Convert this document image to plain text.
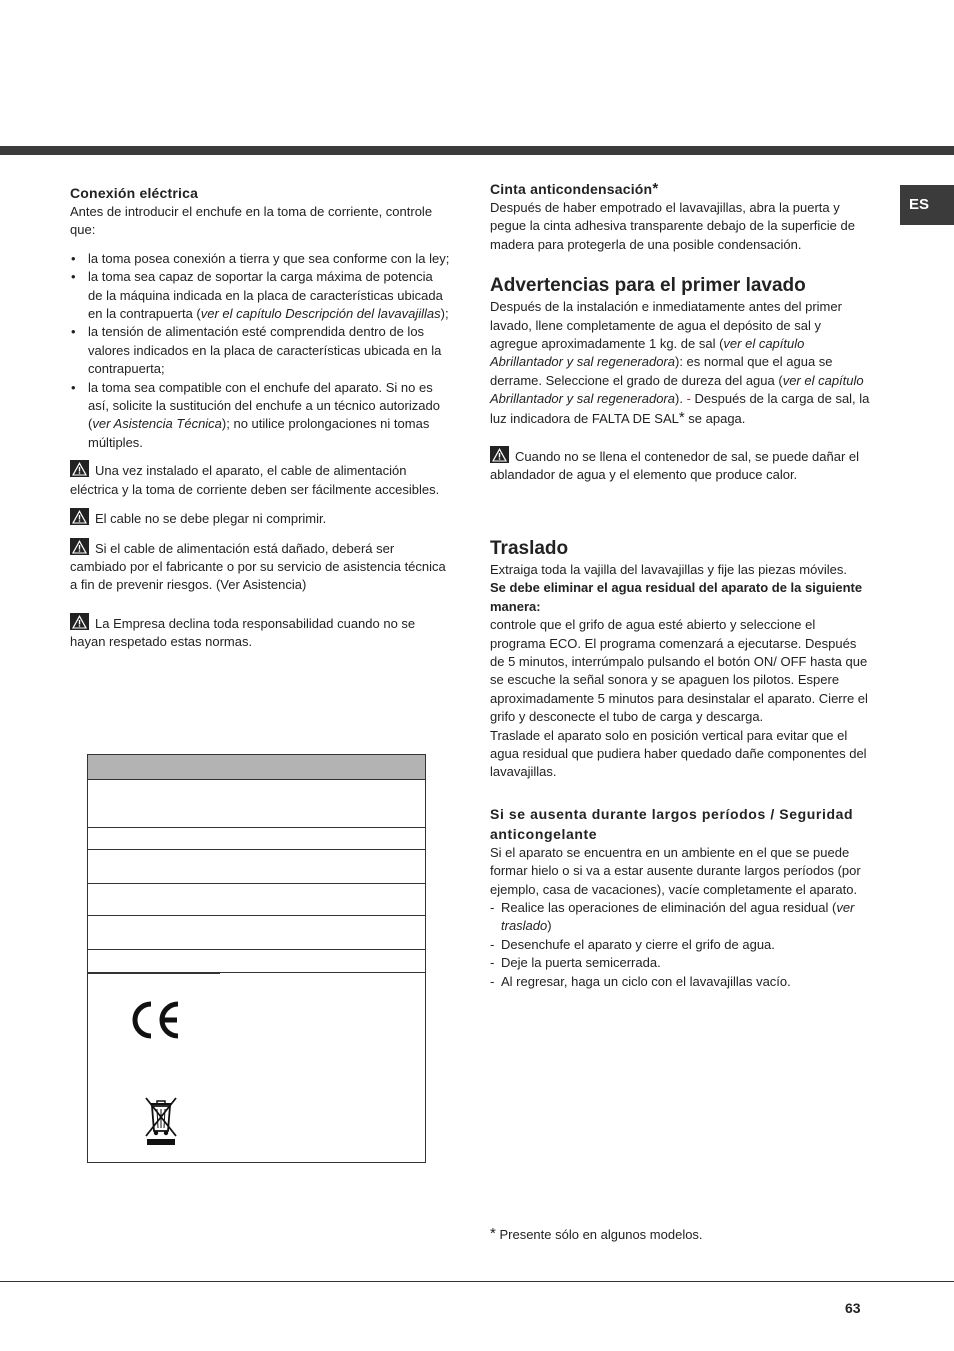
ES
Conexión eléctrica

Antes de introducir el enchufe en la toma de corriente, controle que:

• la toma posea conexión a tierra y que sea conforme con la ley;
• la toma sea capaz de soportar la carga máxima de potencia de la máquina indicada en la placa de características ubicada en la contrapuerta (ver el capítulo Descripción del lavavajillas);
• la tensión de alimentación esté comprendida dentro de los valores indicados en la placa de características ubicada en la contrapuerta;
• la toma sea compatible con el enchufe del aparato. Si no es así, solicite la sustitución del enchufe a un técnico autorizado (ver Asistencia Técnica); no utilice prolongaciones ni tomas múltiples.

Una vez instalado el aparato, el cable de alimentación eléctrica y la toma de corriente deben ser fácilmente accesibles.

El cable no se debe plegar ni comprimir.

Si el cable de alimentación está dañado, deberá ser cambiado por el fabricante o por su servicio de asistencia técnica a fin de prevenir riesgos. (Ver Asistencia)

La Empresa declina toda responsabilidad cuando no se hayan respetado estas normas.

Cinta anticondensación*

Después de haber empotrado el lavavajillas, abra la puerta y pegue la cinta adhesiva transparente debajo de la superficie de madera para protegerla de una posible condensación.

Advertencias para el primer lavado

Después de la instalación e inmediatamente antes del primer lavado, llene completamente de agua el depósito de sal y agregue aproximadamente 1 kg. de sal (ver el capítulo Abrillantador y sal regeneradora): es normal que el agua se derrame. Seleccione el grado de dureza del agua (ver el capítulo Abrillantador y sal regeneradora). - Después de la carga de sal, la luz indicadora de FALTA DE SAL* se apaga.

Cuando no se llena el contenedor de sal, se puede dañar el ablandador de agua y el elemento que produce calor.

Traslado

Extraiga toda la vajilla del lavavajillas y fije las piezas móviles.

Se debe eliminar el agua residual del aparato de la siguiente manera:

controle que el grifo de agua esté abierto y seleccione el programa ECO. El programa comenzará a ejecutarse. Después de 5 minutos, interrúmpalo pulsando el botón ON/ OFF hasta que se escuche la señal sonora y se apaguen los pilotos. Espere aproximadamente 5 minutos para desinstalar el aparato. Cierre el grifo y desconecte el tubo de carga y descarga.

Traslade el aparato solo en posición vertical para evitar que el agua residual que pudiera haber quedado dañe componentes del lavavajillas.

Si se ausenta durante largos períodos / Seguridad anticongelante

Si el aparato se encuentra en un ambiente en el que se puede formar hielo o si va a estar ausente durante largos períodos (por ejemplo, casa de vacaciones), vacíe completamente el aparato.

- Realice las operaciones de eliminación del agua residual (ver traslado)
- Desenchufe el aparato y cierre el grifo de agua.
- Deje la puerta semicerrada.
- Al regresar, haga un ciclo con el lavavajillas vacío.
* Presente sólo en algunos modelos.
63
